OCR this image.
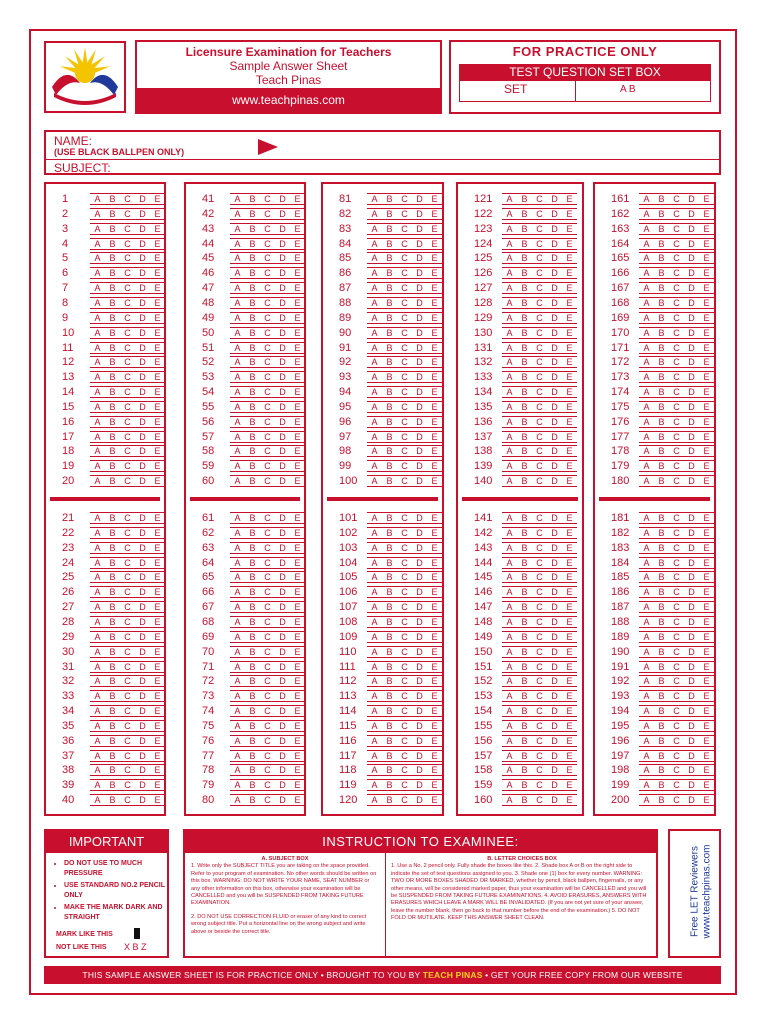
Licensure Examination for Teachers
Sample Answer Sheet
Teach Pinas
www.teachpinas.com
FOR PRACTICE ONLY
TEST QUESTION SET BOX
SET	A B
NAME:
(USE BLACK BALLPEN ONLY)
SUBJECT:
1	A B C D E
2	A B C D E
3	A B C D E
4	A B C D E
5	A B C D E
6	A B C D E
7	A B C D E
8	A B C D E
9	A B C D E
10 A B C D E
11 A B C D E
12 A B C D E
13 A B C D E
14 A B C D E
15 A B C D E
16 A B C D E
17 A B C D E
18 A B C D E
19 A B C D E
20 A B C D E
21 A B C D E
22 A B C D E
23 A B C D E
24 A B C D E
25 A B C D E
26 A B C D E
27 A B C D E
28 A B C D E
29 A B C D E
30 A B C D E
31 A B C D E
32 A B C D E
33 A B C D E
34 A B C D E
35 A B C D E
36 A B C D E
37 A B C D E
38 A B C D E
39 A B C D E
40 A B C D E
41 A B C D E
42 A B C D E
43 A B C D E
44 A B C D E
45 A B C D E
46 A B C D E
47 A B C D E
48 A B C D E
49 A B C D E
50 A B C D E
51 A B C D E
52 A B C D E
53 A B C D E
54 A B C D E
55 A B C D E
56 A B C D E
57 A B C D E
58 A B C D E
59 A B C D E
60 A B C D E
61 A B C D E
62 A B C D E
63 A B C D E
64 A B C D E
65 A B C D E
66 A B C D E
67 A B C D E
68 A B C D E
69 A B C D E
70 A B C D E
71 A B C D E
72 A B C D E
73 A B C D E
74 A B C D E
75 A B C D E
76 A B C D E
77 A B C D E
78 A B C D E
79 A B C D E
80 A B C D E
81 A B C D E
82 A B C D E
83 A B C D E
84 A B C D E
85 A B C D E
86 A B C D E
87 A B C D E
88 A B C D E
89 A B C D E
90 A B C D E
91 A B C D E
92 A B C D E
93 A B C D E
94 A B C D E
95 A B C D E
96 A B C D E
97 A B C D E
98 A B C D E
99 A B C D E
100 A B C D E
101 A B C D E
102 A B C D E
103 A B C D E
104 A B C D E
105 A B C D E
106 A B C D E
107 A B C D E
108 A B C D E
109 A B C D E
110 A B C D E
111 A B C D E
112 A B C D E
113 A B C D E
114 A B C D E
115 A B C D E
116 A B C D E
117 A B C D E
118 A B C D E
119 A B C D E
120 A B C D E
121 A B C D E
122 A B C D E
123 A B C D E
124 A B C D E
125 A B C D E
126 A B C D E
127 A B C D E
128 A B C D E
129 A B C D E
130 A B C D E
131 A B C D E
132 A B C D E
133 A B C D E
134 A B C D E
135 A B C D E
136 A B C D E
137 A B C D E
138 A B C D E
139 A B C D E
140 A B C D E
141 A B C D E
142 A B C D E
143 A B C D E
144 A B C D E
145 A B C D E
146 A B C D E
147 A B C D E
148 A B C D E
149 A B C D E
150 A B C D E
151 A B C D E
152 A B C D E
153 A B C D E
154 A B C D E
155 A B C D E
156 A B C D E
157 A B C D E
158 A B C D E
159 A B C D E
160 A B C D E
161 A B C D E
162 A B C D E
163 A B C D E
164 A B C D E
165 A B C D E
166 A B C D E
167 A B C D E
168 A B C D E
169 A B C D E
170 A B C D E
171 A B C D E
172 A B C D E
173 A B C D E
174 A B C D E
175 A B C D E
176 A B C D E
177 A B C D E
178 A B C D E
179 A B C D E
180 A B C D E
181 A B C D E
182 A B C D E
183 A B C D E
184 A B C D E
185 A B C D E
186 A B C D E
187 A B C D E
188 A B C D E
189 A B C D E
190 A B C D E
191 A B C D E
192 A B C D E
193 A B C D E
194 A B C D E
195 A B C D E
196 A B C D E
197 A B C D E
198 A B C D E
199 A B C D E
200 A B C D E
IMPORTANT
• DO NOT USE TO MUCH PRESSURE
• USE STANDARD NO.2 PENCIL ONLY
• MAKE THE MARK DARK AND STRAIGHT
MARK LIKE THIS
NOT LIKE THIS X B Z
INSTRUCTION TO EXAMINEE:
A. SUBJECT BOX
1. Write only the SUBJECT TITLE you are taking on the space provided. Refer to your program of examination. No other words should be written on this box. WARNING: DO NOT WRITE YOUR NAME, SEAT NUMBER or any other information on this box, otherwise your examination will be CANCELLED and you will be SUSPENDED FROM TAKING FUTURE EXAMINATION.
2. DO NOT USE CORRECTION FLUID or eraser of any kind to correct wrong subject title. Put a horizontal line on the wrong subject and write above or beside the correct title.
B. LETTER CHOICES BOX
1. Use a No. 2 pencil only. Fully shade the boxes like this. 2. Shade box A or B on the right side to indicate the set of test questions assigned to you. 3. Shade one (1) box for every number. WARNING: TWO OR MORE BOXES SHADED OR MARKED, whether by pencil, black ballpen, fingernails, or any other means, will be considered marked paper, thus your examination will be CANCELLED and you will be SUSPENDED FROM TAKING FUTURE EXAMINATIONS. 4. AVOID ERASURES, ANSWERS WITH ERASURES WHICH LEAVE A MARK WILL BE INVALIDATED. (If you are not yet sure of your answer, leave the number blank, then go back to that number before the end of the examination.) 5. DO NOT FOLD OR MUTILATE. KEEP THIS ANSWER SHEET CLEAN.	Free LET Reviewers www.teachpinas.com
THIS SAMPLE ANSWER SHEET IS FOR PRACTICE ONLY • BROUGHT TO YOU BY TEACH PINAS • GET YOUR FREE COPY FROM OUR WEBSITE
